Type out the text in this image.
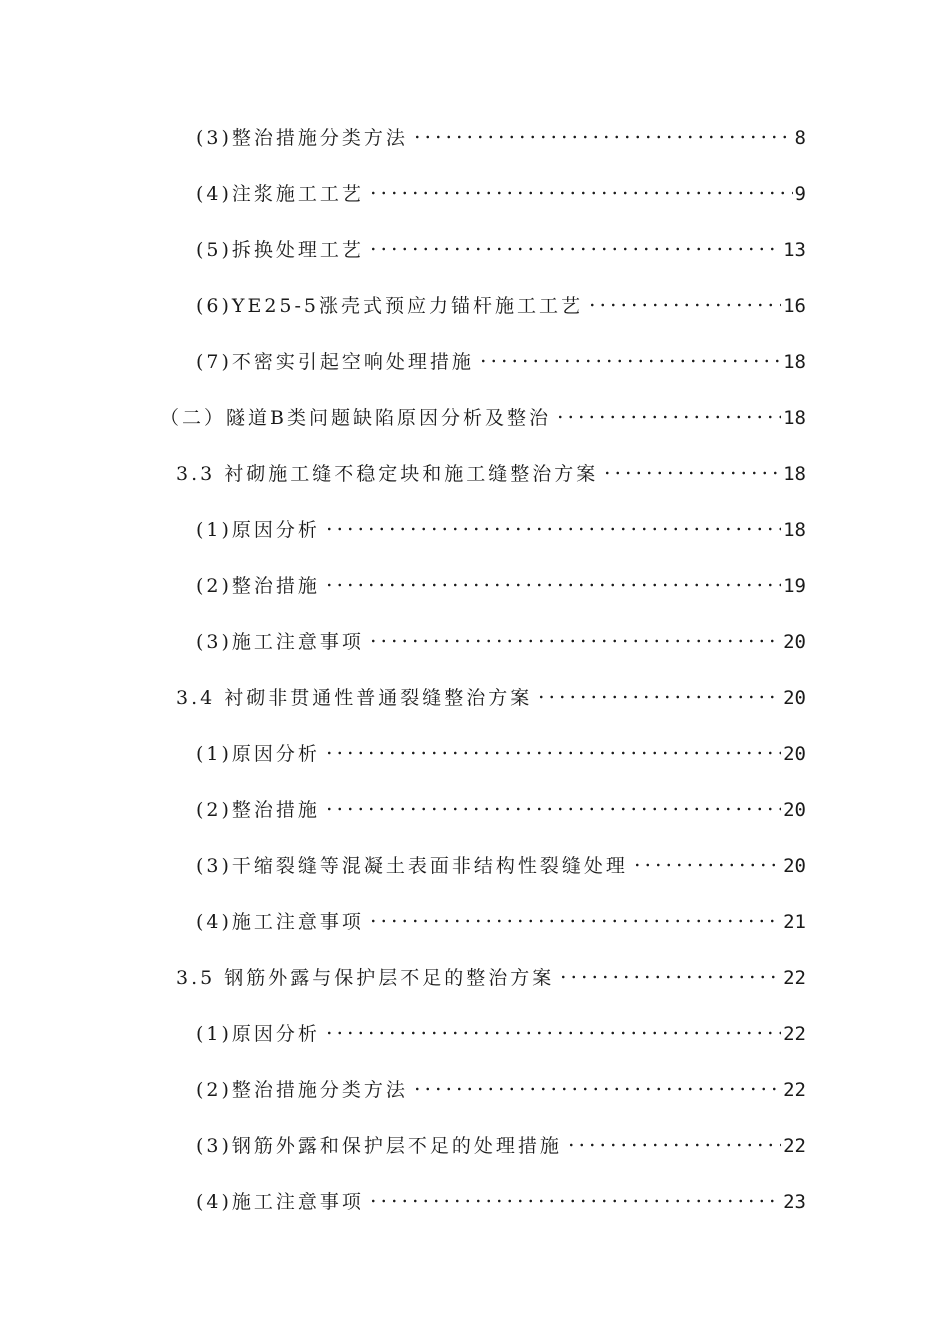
(3)整治措施分类方法	8
(4)注浆施工工艺	9
(5)拆换处理工艺	13
(6)YE25-5涨壳式预应力锚杆施工工艺	16
(7)不密实引起空响处理措施	18
（二）隧道B类问题缺陷原因分析及整治	18
3.3 衬砌施工缝不稳定块和施工缝整治方案	18
(1)原因分析	18
(2)整治措施	19
(3)施工注意事项	20
3.4 衬砌非贯通性普通裂缝整治方案	20
(1)原因分析	20
(2)整治措施	20
(3)干缩裂缝等混凝土表面非结构性裂缝处理	20
(4)施工注意事项	21
3.5 钢筋外露与保护层不足的整治方案	22
(1)原因分析	22
(2)整治措施分类方法	22
(3)钢筋外露和保护层不足的处理措施	22
(4)施工注意事项	23
